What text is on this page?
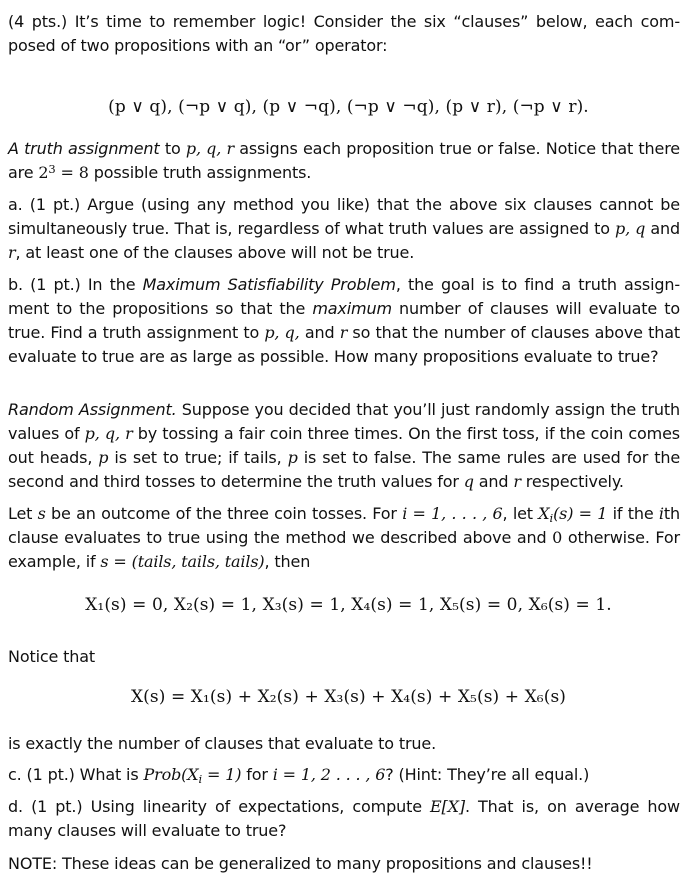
(4 pts.) It’s time to remember logic! Consider the six “clauses” below, each com-posed of two propositions with an “or” operator:

(p ∨ q), (¬p ∨ q), (p ∨ ¬q), (¬p ∨ ¬q), (p ∨ r), (¬p ∨ r).

A truth assignment to p, q, r assigns each proposition true or false. Notice that there are $2^3 = 8$ possible truth assignments.

a. (1 pt.) Argue (using any method you like) that the above six clauses cannot be simultaneously true. That is, regardless of what truth values are assigned to p, q and r, at least one of the clauses above will not be true.

b. (1 pt.) In the Maximum Satisfiability Problem, the goal is to find a truth assign-ment to the propositions so that the maximum number of clauses will evaluate to true. Find a truth assignment to p, q, and r so that the number of clauses above that evaluate to true are as large as possible. How many propositions evaluate to true?

Random Assignment. Suppose you decided that you’ll just randomly assign the truth values of p, q, r by tossing a fair coin three times. On the first toss, if the coin comes out heads, p is set to true; if tails, p is set to false. The same rules are used for the second and third tosses to determine the truth values for q and r respectively.

Let s be an outcome of the three coin tosses. For i = 1, . . . , 6, let $X_i(s) = 1$ if the ith clause evaluates to true using the method we described above and 0 otherwise. For example, if s = (tails, tails, tails), then

X₁(s) = 0, X₂(s) = 1, X₃(s) = 1, X₄(s) = 1, X₅(s) = 0, X₆(s) = 1.

Notice that

X(s) = X₁(s) + X₂(s) + X₃(s) + X₄(s) + X₅(s) + X₆(s)

is exactly the number of clauses that evaluate to true.

c. (1 pt.) What is $Prob(X_i = 1)$ for i = 1, 2 . . . , 6? (Hint: They’re all equal.)

d. (1 pt.) Using linearity of expectations, compute E[X]. That is, on average how many clauses will evaluate to true?

NOTE: These ideas can be generalized to many propositions and clauses!!
